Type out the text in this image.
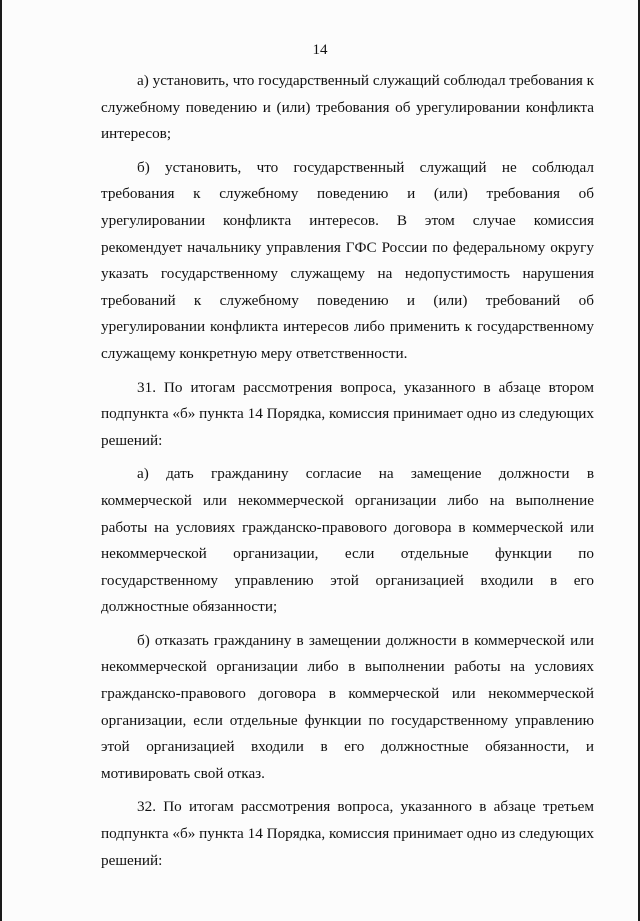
14

а) установить, что государственный служащий соблюдал требования к служебному поведению и (или) требования об урегулировании конфликта интересов;

б) установить, что государственный служащий не соблюдал требования к служебному поведению и (или) требования об урегулировании конфликта интересов. В этом случае комиссия рекомендует начальнику управления ГФС России по федеральному округу указать государственному служащему на недопустимость нарушения требований к служебному поведению и (или) требований об урегулировании конфликта интересов либо применить к государственному служащему конкретную меру ответственности.

31. По итогам рассмотрения вопроса, указанного в абзаце втором подпункта «б» пункта 14 Порядка, комиссия принимает одно из следующих решений:

а) дать гражданину согласие на замещение должности в коммерческой или некоммерческой организации либо на выполнение работы на условиях гражданско-правового договора в коммерческой или некоммерческой организации, если отдельные функции по государственному управлению этой организацией входили в его должностные обязанности;

б) отказать гражданину в замещении должности в коммерческой или некоммерческой организации либо в выполнении работы на условиях гражданско-правового договора в коммерческой или некоммерческой организации, если отдельные функции по государственному управлению этой организацией входили в его должностные обязанности, и мотивировать свой отказ.

32. По итогам рассмотрения вопроса, указанного в абзаце третьем подпункта «б» пункта 14 Порядка, комиссия принимает одно из следующих решений:
